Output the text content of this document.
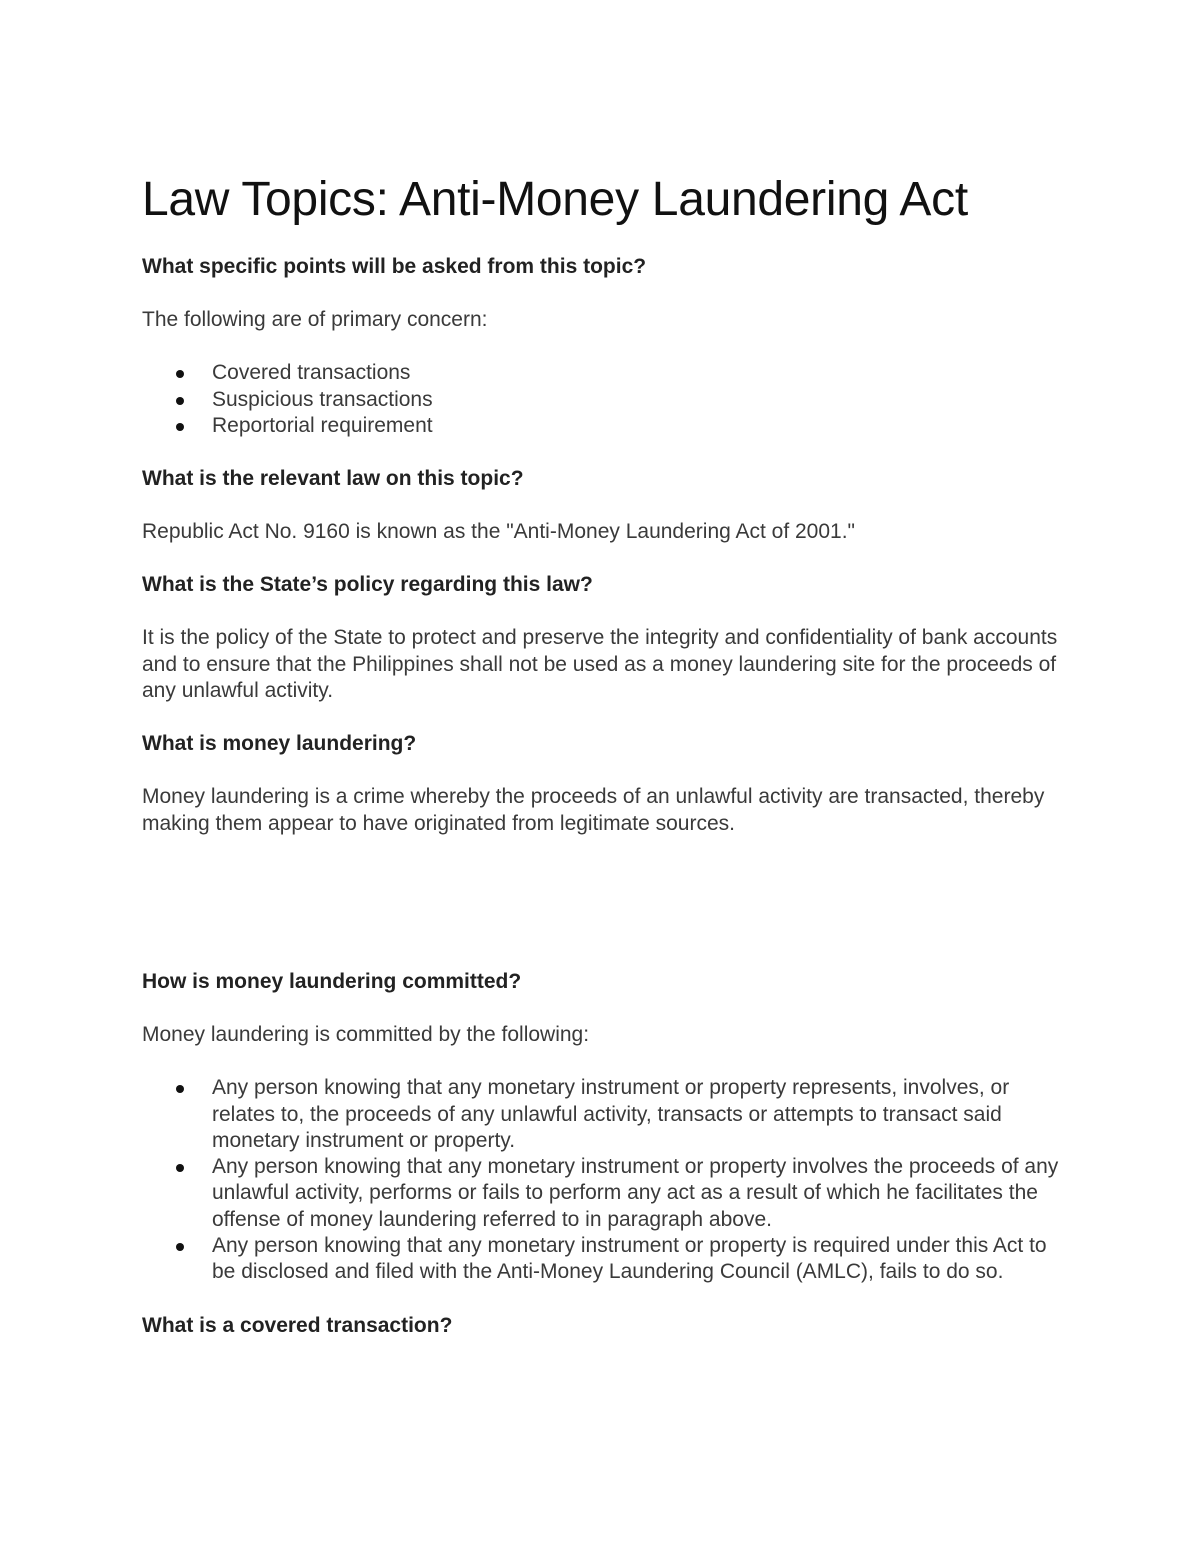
Law Topics: Anti-Money Laundering Act

What specific points will be asked from this topic?

The following are of primary concern:

Covered transactions
Suspicious transactions
Reportorial requirement

What is the relevant law on this topic?

Republic Act No. 9160 is known as the "Anti-Money Laundering Act of 2001."

What is the State’s policy regarding this law?

It is the policy of the State to protect and preserve the integrity and confidentiality of bank accounts and to ensure that the Philippines shall not be used as a money laundering site for the proceeds of any unlawful activity.

What is money laundering?

Money laundering is a crime whereby the proceeds of an unlawful activity are transacted, thereby making them appear to have originated from legitimate sources.

How is money laundering committed?

Money laundering is committed by the following:

Any person knowing that any monetary instrument or property represents, involves, or relates to, the proceeds of any unlawful activity, transacts or attempts to transact said monetary instrument or property.
Any person knowing that any monetary instrument or property involves the proceeds of any unlawful activity, performs or fails to perform any act as a result of which he facilitates the offense of money laundering referred to in paragraph above.
Any person knowing that any monetary instrument or property is required under this Act to be disclosed and filed with the Anti-Money Laundering Council (AMLC), fails to do so.

What is a covered transaction?
